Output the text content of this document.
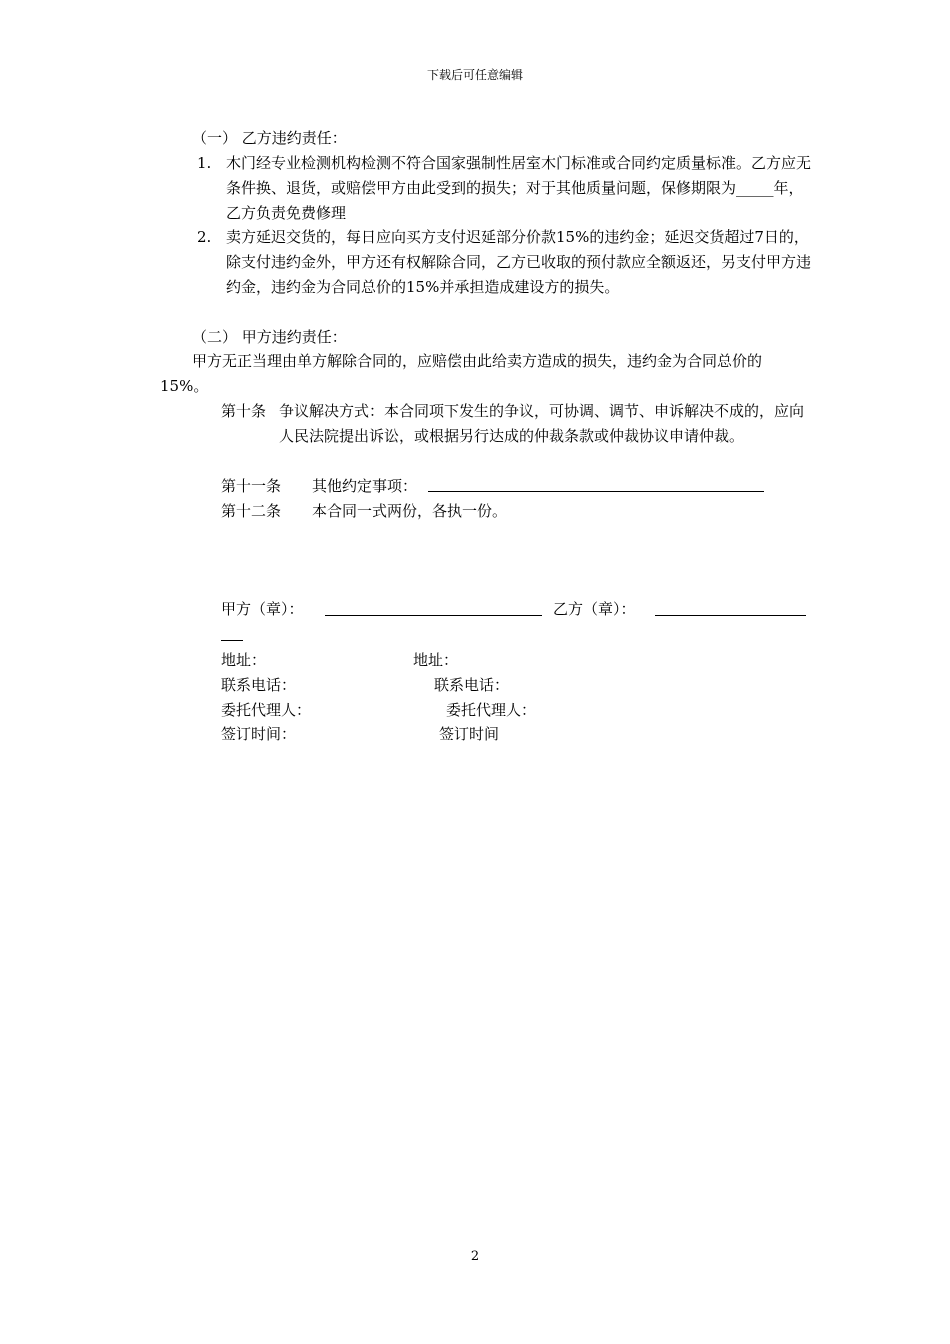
下载后可任意编辑
（一） 乙方违约责任：
1. 木门经专业检测机构检测不符合国家强制性居室木门标准或合同约定质量标准。乙方应无条件换、退货，或赔偿甲方由此受到的损失；对于其他质量问题，保修期限为_____年，乙方负责免费修理
2. 卖方延迟交货的，每日应向买方支付迟延部分价款15%的违约金；延迟交货超过7日的，除支付违约金外，甲方还有权解除合同，乙方已收取的预付款应全额返还，另支付甲方违约金，违约金为合同总价的15%并承担造成建设方的损失。
（二） 甲方违约责任：
甲方无正当理由单方解除合同的，应赔偿由此给卖方造成的损失，违约金为合同总价的15%。
第十条 争议解决方式：本合同项下发生的争议，可协调、调节、申诉解决不成的，应向人民法院提出诉讼，或根据另行达成的仲裁条款或仲裁协议申请仲裁。
第十一条 其他约定事项：
第十二条 本合同一式两份，各执一份。
甲方（章）：	乙方（章）：
地址：	地址：
联系电话：	联系电话：
委托代理人：	委托代理人：
签订时间：	签订时间
2
